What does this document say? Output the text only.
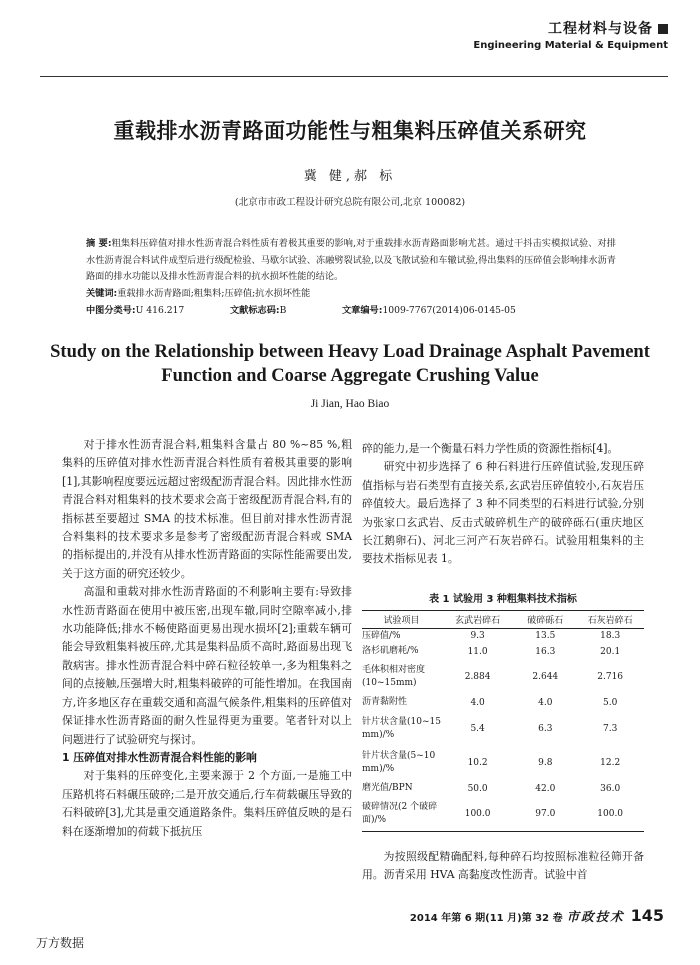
工程材料与设备
Engineering Material & Equipment
重载排水沥青路面功能性与粗集料压碎值关系研究
冀 健,郝 标
(北京市市政工程设计研究总院有限公司,北京 100082)
摘 要:粗集料压碎值对排水性沥青混合料性质有着极其重要的影响,对于重载排水沥青路面影响尤甚。通过干抖击实模拟试验、对排水性沥青混合料试件成型后进行级配检验、马歇尔试验、冻融劈裂试验,以及飞散试验和车辙试验,得出集料的压碎值会影响排水沥青路面的排水功能以及排水性沥青混合料的抗水损坏性能的结论。
关键词:重载排水沥青路面;粗集料;压碎值;抗水损坏性能
中图分类号:U 416.217	文献标志码:B	文章编号:1009-7767(2014)06-0145-05
Study on the Relationship between Heavy Load Drainage Asphalt Pavement Function and Coarse Aggregate Crushing Value
Ji Jian, Hao Biao

对于排水性沥青混合料,粗集料含量占 80 %~85 %,粗集料的压碎值对排水性沥青混合料性质有着极其重要的影响[1],其影响程度要远远超过密级配沥青混合料。因此排水性沥青混合料对粗集料的技术要求会高于密级配沥青混合料,有的指标甚至要超过 SMA 的技术标准。但目前对排水性沥青混合料集料的技术要求多是参考了密级配沥青混合料或 SMA 的指标提出的,并没有从排水性沥青路面的实际性能需要出发,关于这方面的研究还较少。

高温和重载对排水性沥青路面的不利影响主要有:导致排水性沥青路面在使用中被压密,出现车辙,同时空隙率减小,排水功能降低;排水不畅使路面更易出现水损坏[2];重载车辆可能会导致粗集料被压碎,尤其是集料品质不高时,路面易出现飞散病害。排水性沥青混合料中碎石粒径较单一,多为粗集料之间的点接触,压强增大时,粗集料破碎的可能性增加。在我国南方,许多地区存在重载交通和高温气候条件,粗集料的压碎值对保证排水性沥青路面的耐久性显得更为重要。笔者针对以上问题进行了试验研究与探讨。

1 压碎值对排水性沥青混合料性能的影响

对于集料的压碎变化,主要来源于 2 个方面,一是施工中压路机将石料碾压破碎;二是开放交通后,行车荷载碾压导致的石料破碎[3],尤其是重交通道路条件。集料压碎值反映的是石料在逐渐增加的荷载下抵抗压

碎的能力,是一个衡量石料力学性质的资源性指标[4]。

研究中初步选择了 6 种石料进行压碎值试验,发现压碎值指标与岩石类型有直接关系,玄武岩压碎值较小,石灰岩压碎值较大。最后选择了 3 种不同类型的石料进行试验,分别为张家口玄武岩、反击式破碎机生产的破碎砾石(重庆地区长江鹅卵石)、河北三河产石灰岩碎石。试验用粗集料的主要技术指标见表 1。

表 1 试验用 3 种粗集料技术指标
试验项目	玄武岩碎石	破碎砾石	石灰岩碎石
压碎值/%	9.3	13.5	18.3
洛杉矶磨耗/%	11.0	16.3	20.1
毛体积相对密度(10~15mm)	2.884	2.644	2.716
沥青黏附性	4.0	4.0	5.0
针片状含量(10~15 mm)/%	5.4	6.3	7.3
针片状含量(5~10 mm)/%	10.2	9.8	12.2
磨光值/BPN	50.0	42.0	36.0
破碎情况(2 个破碎面)/%	100.0	97.0	100.0

为按照级配精确配料,每种碎石均按照标准粒径筛开备用。沥青采用 HVA 高黏度改性沥青。试验中首

2014 年第 6 期(11 月)第 32 卷 市政技术 145
万方数据
